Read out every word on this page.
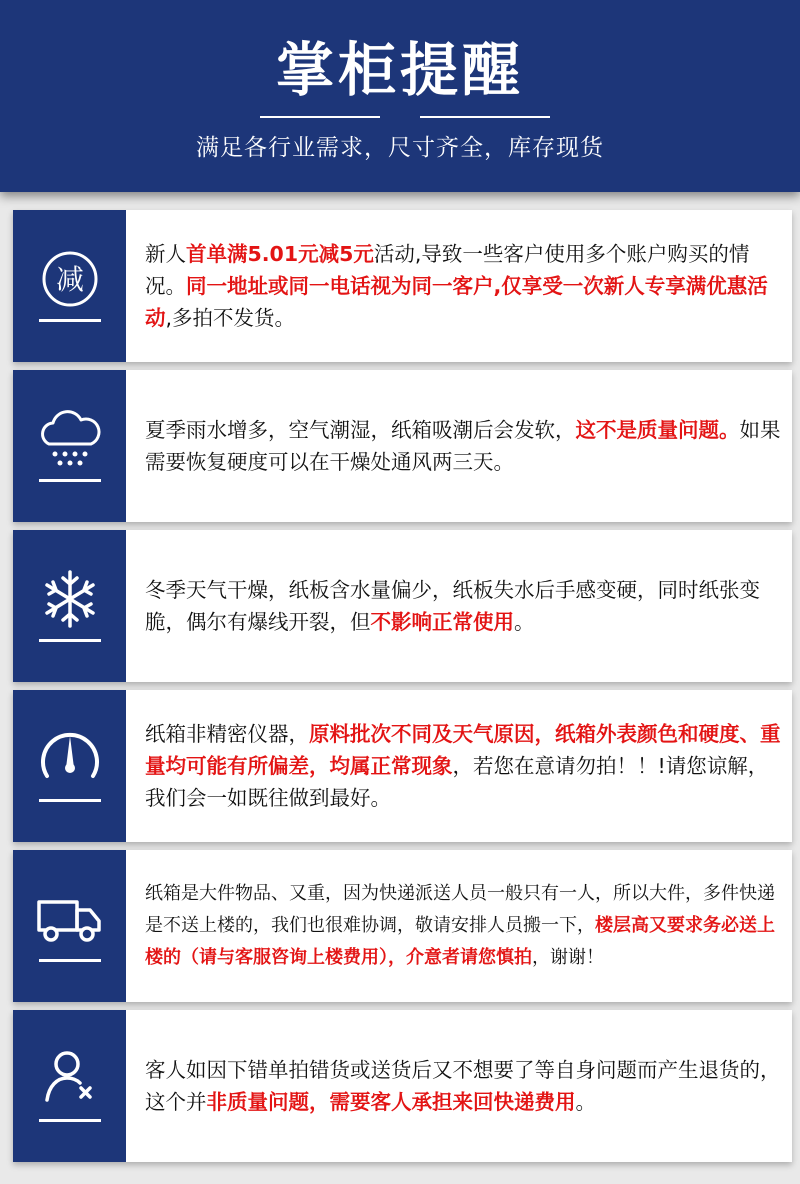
掌柜提醒
满足各行业需求，尺寸齐全，库存现货
减

新人首单满5.01元减5元活动,导致一些客户使用多个账户购买的情况。同一地址或同一电话视为同一客户,仅享受一次新人专享满优惠活动,多拍不发货。

夏季雨水增多，空气潮湿，纸箱吸潮后会发软，这不是质量问题。如果需要恢复硬度可以在干燥处通风两三天。

冬季天气干燥，纸板含水量偏少，纸板失水后手感变硬，同时纸张变脆，偶尔有爆线开裂，但不影响正常使用。

纸箱非精密仪器，原料批次不同及天气原因，纸箱外表颜色和硬度、重量均可能有所偏差，均属正常现象，若您在意请勿拍！！!请您谅解，我们会一如既往做到最好。

纸箱是大件物品、又重，因为快递派送人员一般只有一人，所以大件，多件快递是不送上楼的，我们也很难协调，敬请安排人员搬一下，楼层高又要求务必送上楼的（请与客服咨询上楼费用），介意者请您慎拍，谢谢！

客人如因下错单拍错货或送货后又不想要了等自身问题而产生退货的，这个并非质量问题，需要客人承担来回快递费用。
